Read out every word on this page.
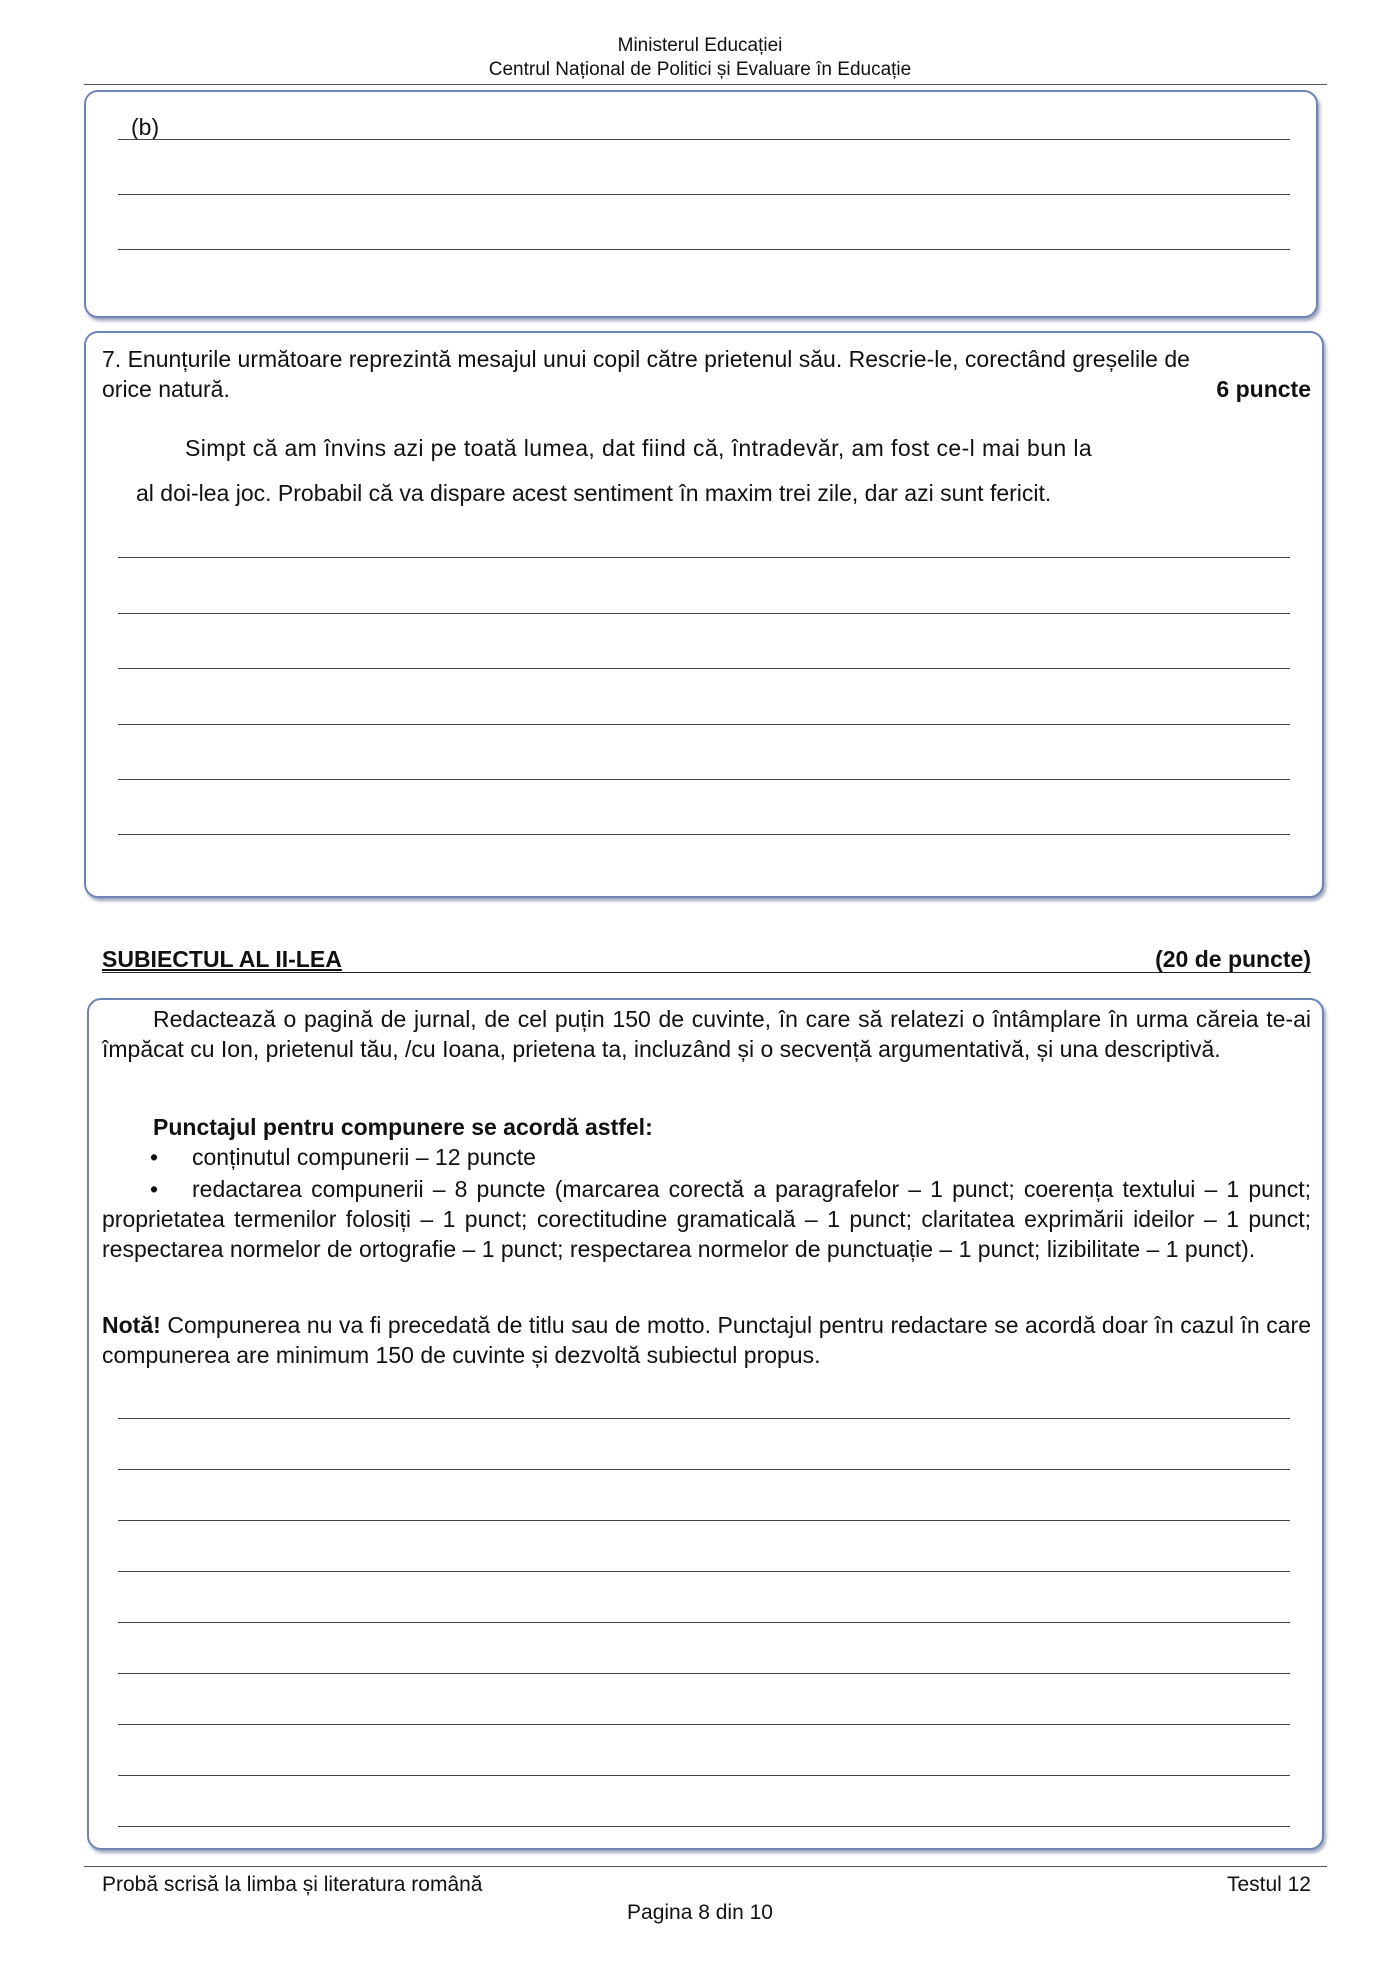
Ministerul Educației
Centrul Național de Politici și Evaluare în Educație
(b)
7. Enunțurile următoare reprezintă mesajul unui copil către prietenul său. Rescrie-le, corectând greșelile de
orice natură.	6 puncte
Simpt că am învins azi pe toată lumea, dat fiind că, întradevăr, am fost ce-l mai bun la
al doi-lea joc. Probabil că va dispare acest sentiment în maxim trei zile, dar azi sunt fericit.
SUBIECTUL AL II-LEA	(20 de puncte)
Redactează o pagină de jurnal, de cel puțin 150 de cuvinte, în care să relatezi o întâmplare în urma căreia te-ai împăcat cu Ion, prietenul tău, /cu Ioana, prietena ta, incluzând și o secvență argumentativă, și una descriptivă.
Punctajul pentru compunere se acordă astfel:
• conținutul compunerii – 12 puncte
•	redactarea compunerii – 8 puncte (marcarea corectă a paragrafelor – 1 punct; coerența textului – 1 punct; proprietatea termenilor folosiți – 1 punct; corectitudine gramaticală – 1 punct; claritatea exprimării ideilor – 1 punct; respectarea normelor de ortografie – 1 punct; respectarea normelor de punctuație – 1 punct; lizibilitate – 1 punct).
Notă! Compunerea nu va fi precedată de titlu sau de motto. Punctajul pentru redactare se acordă doar în cazul în care compunerea are minimum 150 de cuvinte și dezvoltă subiectul propus.
Probă scrisă la limba și literatura română	Testul 12
Pagina 8 din 10
